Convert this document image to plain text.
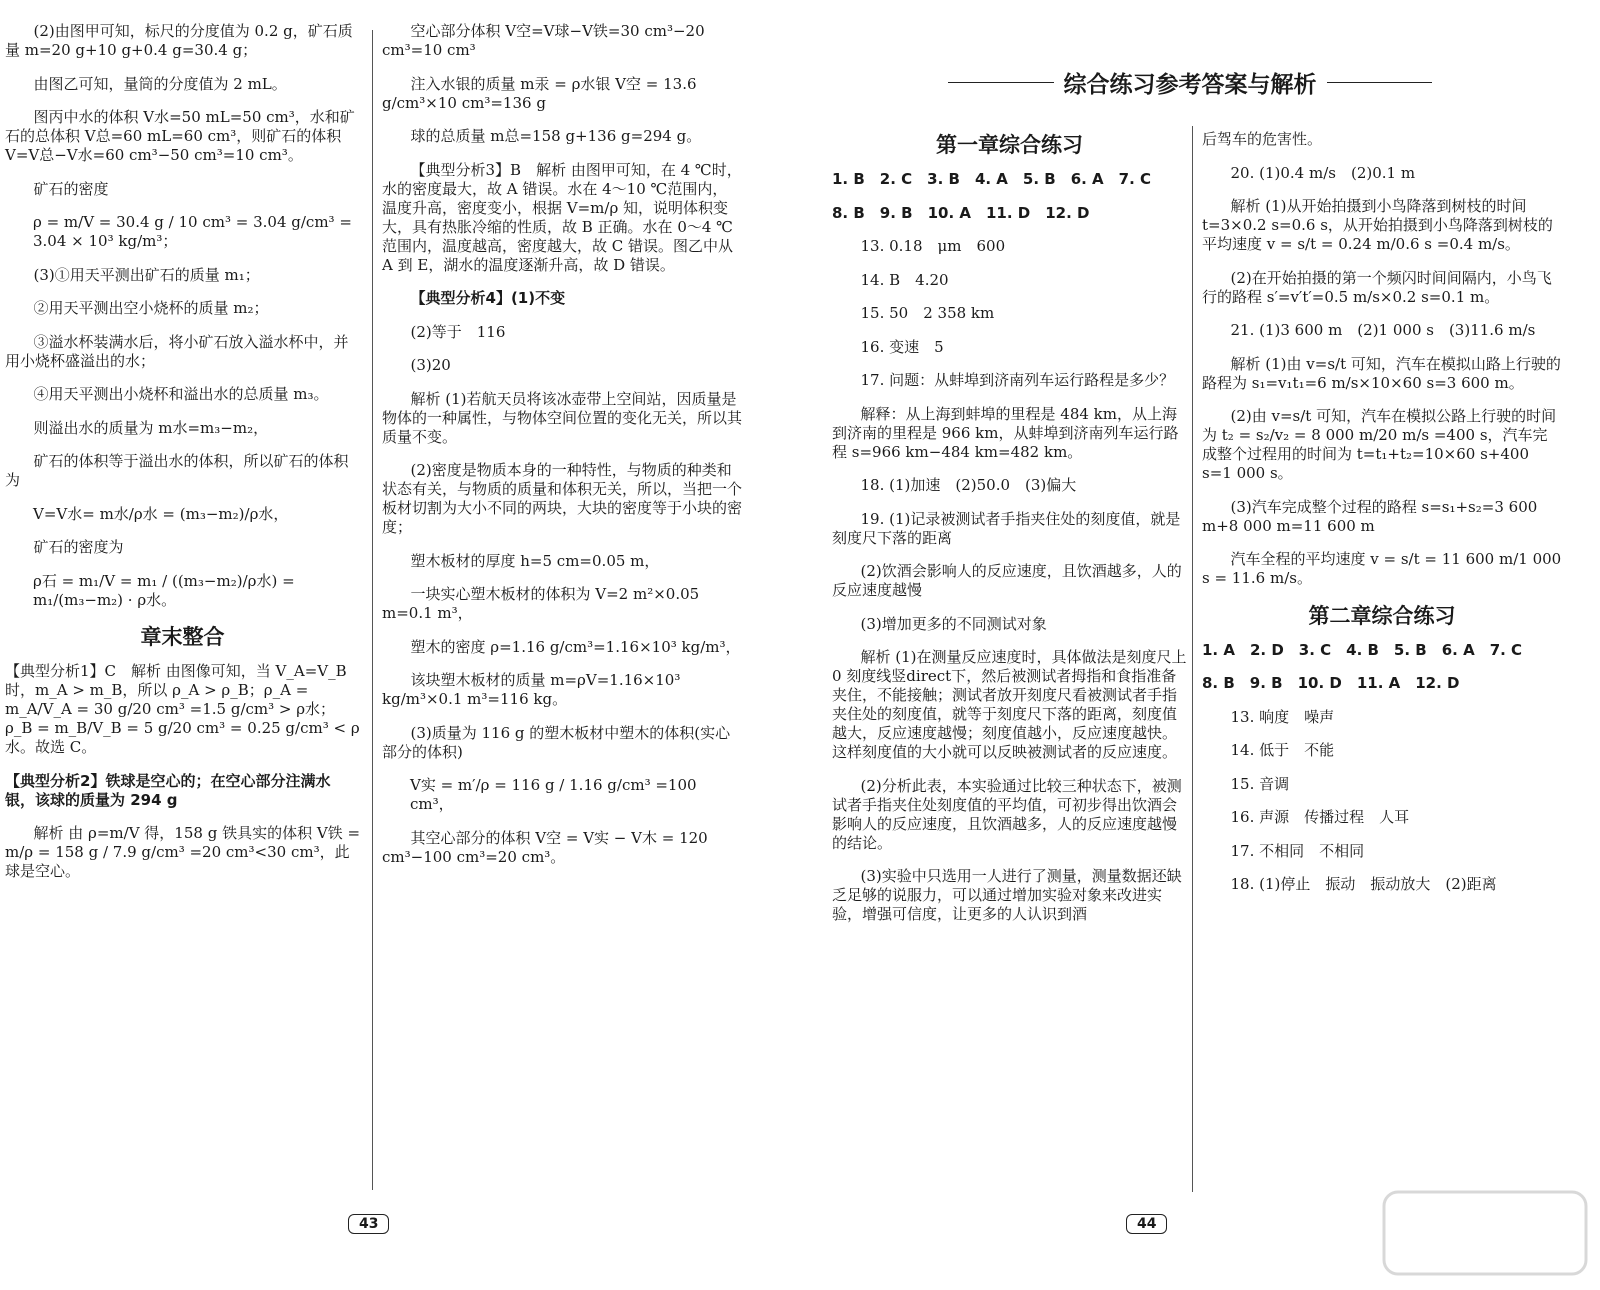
(2)由图甲可知，标尺的分度值为 0.2 g，矿石质量 m=20 g+10 g+0.4 g=30.4 g；

由图乙可知，量筒的分度值为 2 mL。

图丙中水的体积 V水=50 mL=50 cm³，水和矿石的总体积 V总=60 mL=60 cm³，则矿石的体积 V=V总−V水=60 cm³−50 cm³=10 cm³。

矿石的密度

ρ = m/V = 30.4 g / 10 cm³ = 3.04 g/cm³ = 3.04 × 10³ kg/m³；

(3)①用天平测出矿石的质量 m₁；

②用天平测出空小烧杯的质量 m₂；

③溢水杯装满水后，将小矿石放入溢水杯中，并用小烧杯盛溢出的水；

④用天平测出小烧杯和溢出水的总质量 m₃。

则溢出水的质量为 m水=m₃−m₂，

矿石的体积等于溢出水的体积，所以矿石的体积为

V=V水= m水/ρ水 = (m₃−m₂)/ρ水，

矿石的密度为

ρ石 = m₁/V = m₁ / ((m₃−m₂)/ρ水) = m₁/(m₃−m₂) · ρ水。

章末整合

【典型分析1】C　解析 由图像可知，当 V_A=V_B 时，m_A > m_B，所以 ρ_A > ρ_B；ρ_A = m_A/V_A = 30 g/20 cm³ =1.5 g/cm³ > ρ水；ρ_B = m_B/V_B = 5 g/20 cm³ = 0.25 g/cm³ < ρ水。故选 C。

【典型分析2】铁球是空心的；在空心部分注满水银，该球的质量为 294 g

解析 由 ρ=m/V 得，158 g 铁具实的体积 V铁 = m/ρ = 158 g / 7.9 g/cm³ =20 cm³<30 cm³，此球是空心。

空心部分体积 V空=V球−V铁=30 cm³−20 cm³=10 cm³

注入水银的质量 m汞 = ρ水银 V空 = 13.6 g/cm³×10 cm³=136 g

球的总质量 m总=158 g+136 g=294 g。

【典型分析3】B　解析 由图甲可知，在 4 ℃时，水的密度最大，故 A 错误。水在 4～10 ℃范围内，温度升高，密度变小，根据 V=m/ρ 知，说明体积变大，具有热胀冷缩的性质，故 B 正确。水在 0～4 ℃范围内，温度越高，密度越大，故 C 错误。图乙中从 A 到 E，湖水的温度逐渐升高，故 D 错误。

【典型分析4】(1)不变

(2)等于　116

(3)20

解析 (1)若航天员将该冰壶带上空间站，因质量是物体的一种属性，与物体空间位置的变化无关，所以其质量不变。

(2)密度是物质本身的一种特性，与物质的种类和状态有关，与物质的质量和体积无关，所以，当把一个板材切割为大小不同的两块，大块的密度等于小块的密度；

塑木板材的厚度 h=5 cm=0.05 m，

一块实心塑木板材的体积为 V=2 m²×0.05 m=0.1 m³，

塑木的密度 ρ=1.16 g/cm³=1.16×10³ kg/m³，

该块塑木板材的质量 m=ρV=1.16×10³ kg/m³×0.1 m³=116 kg。

(3)质量为 116 g 的塑木板材中塑木的体积(实心部分的体积)

V实 = m′/ρ = 116 g / 1.16 g/cm³ =100 cm³，

其空心部分的体积 V空 = V实 − V木 = 120 cm³−100 cm³=20 cm³。

43
综合练习参考答案与解析

第一章综合练习

1. B　2. C　3. B　4. A　5. B　6. A　7. C

8. B　9. B　10. A　11. D　12. D

13. 0.18　μm　600

14. B　4.20

15. 50　2 358 km

16. 变速　5

17. 问题：从蚌埠到济南列车运行路程是多少？

解释：从上海到蚌埠的里程是 484 km，从上海到济南的里程是 966 km，从蚌埠到济南列车运行路程 s=966 km−484 km=482 km。

18. (1)加速　(2)50.0　(3)偏大

19. (1)记录被测试者手指夹住处的刻度值，就是刻度尺下落的距离

(2)饮酒会影响人的反应速度，且饮酒越多，人的反应速度越慢

(3)增加更多的不同测试对象

解析 (1)在测量反应速度时，具体做法是刻度尺上 0 刻度线竖direct下，然后被测试者拇指和食指准备夹住，不能接触；测试者放开刻度尺看被测试者手指夹住处的刻度值，就等于刻度尺下落的距离，刻度值越大，反应速度越慢；刻度值越小，反应速度越快。这样刻度值的大小就可以反映被测试者的反应速度。

(2)分析此表，本实验通过比较三种状态下，被测试者手指夹住处刻度值的平均值，可初步得出饮酒会影响人的反应速度，且饮酒越多，人的反应速度越慢的结论。

(3)实验中只选用一人进行了测量，测量数据还缺乏足够的说服力，可以通过增加实验对象来改进实验，增强可信度，让更多的人认识到酒

后驾车的危害性。

20. (1)0.4 m/s　(2)0.1 m

解析 (1)从开始拍摄到小鸟降落到树枝的时间 t=3×0.2 s=0.6 s，从开始拍摄到小鸟降落到树枝的平均速度 v = s/t = 0.24 m/0.6 s =0.4 m/s。

(2)在开始拍摄的第一个频闪时间间隔内，小鸟飞行的路程 s′=v′t′=0.5 m/s×0.2 s=0.1 m。

21. (1)3 600 m　(2)1 000 s　(3)11.6 m/s

解析 (1)由 v=s/t 可知，汽车在模拟山路上行驶的路程为 s₁=v₁t₁=6 m/s×10×60 s=3 600 m。

(2)由 v=s/t 可知，汽车在模拟公路上行驶的时间为 t₂ = s₂/v₂ = 8 000 m/20 m/s =400 s，汽车完成整个过程用的时间为 t=t₁+t₂=10×60 s+400 s=1 000 s。

(3)汽车完成整个过程的路程 s=s₁+s₂=3 600 m+8 000 m=11 600 m

汽车全程的平均速度 v = s/t = 11 600 m/1 000 s = 11.6 m/s。

第二章综合练习

1. A　2. D　3. C　4. B　5. B　6. A　7. C

8. B　9. B　10. D　11. A　12. D

13. 响度　噪声

14. 低于　不能

15. 音调

16. 声源　传播过程　人耳

17. 不相同　不相同

18. (1)停止　振动　振动放大　(2)距离

44
